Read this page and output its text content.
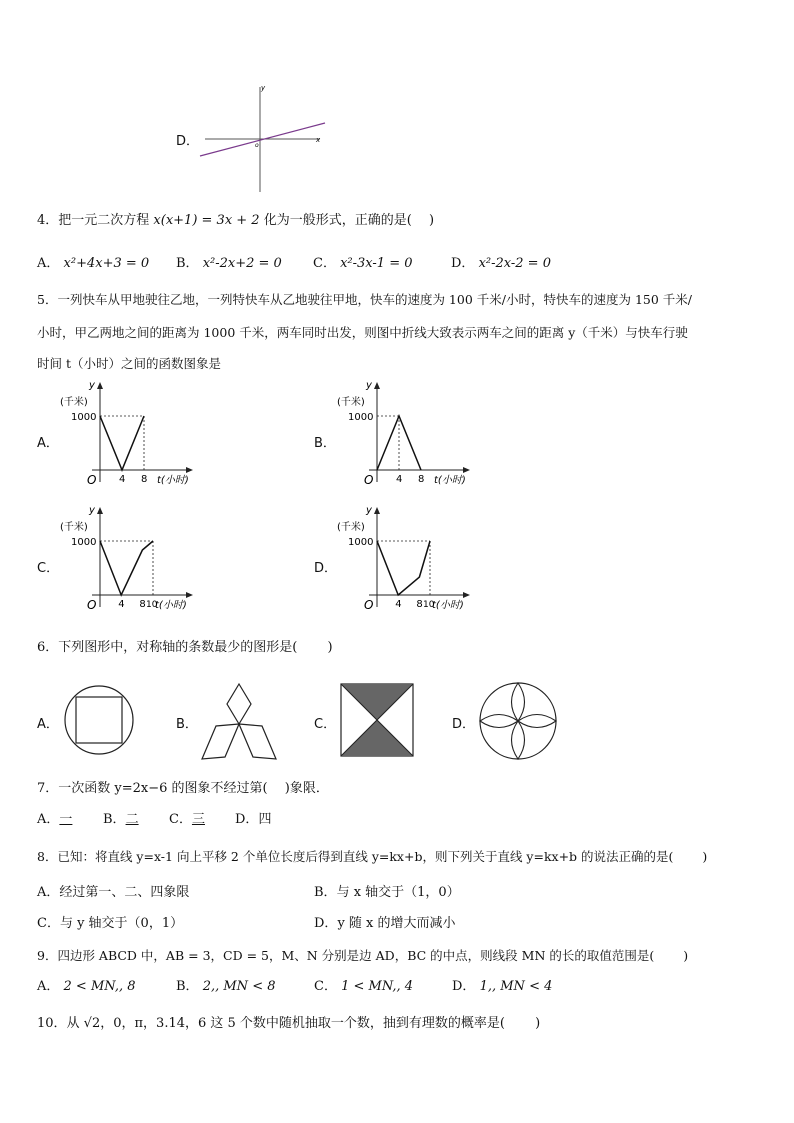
D．
y
x
o
4．把一元二次方程 x(x+1) = 3x + 2 化为一般形式，正确的是(　 )
A． x²+4x+3 = 0 B． x²-2x+2 = 0 C． x²-3x-1 = 0	D． x²-2x-2 = 0
5．一列快车从甲地驶往乙地，一列特快车从乙地驶往甲地，快车的速度为 100 千米/小时，特快车的速度为 150 千米/
小时，甲乙两地之间的距离为 1000 千米，两车同时出发，则图中折线大致表示两车之间的距离 y（千米）与快车行驶
时间 t（小时）之间的函数图象是
A．	B．
C．	D．
y
(千米)
1000
O 4 8 t(小时)
y
(千米)
1000
O 4 8 t(小时)
y
(千米)
1000
O 4 8 10
t(小时)
y
(千米)
1000
O 4 8 10
t(小时)
6．下列图形中，对称轴的条数最少的图形是(　 　)
A．	B．	C．	D．
7．一次函数 y=2x−6 的图象不经过第(　 )象限．
A．一 B．二 C．三 D．四
8．已知：将直线 y=x-1 向上平移 2 个单位长度后得到直线 y=kx+b，则下列关于直线 y=kx+b 的说法正确的是(　　 )
A．经过第一、二、四象限	B．与 x 轴交于（1，0）
C．与 y 轴交于（0，1）	D．y 随 x 的增大而减小
9．四边形 ABCD 中，AB = 3，CD = 5，M、N 分别是边 AD，BC 的中点，则线段 MN 的长的取值范围是(　　 )
A． 2 < MN,, 8	B． 2,, MN < 8	C． 1 < MN,, 4	D． 1,, MN < 4
10．从 √2，0，π，3.14，6 这 5 个数中随机抽取一个数，抽到有理数的概率是(　　 )
